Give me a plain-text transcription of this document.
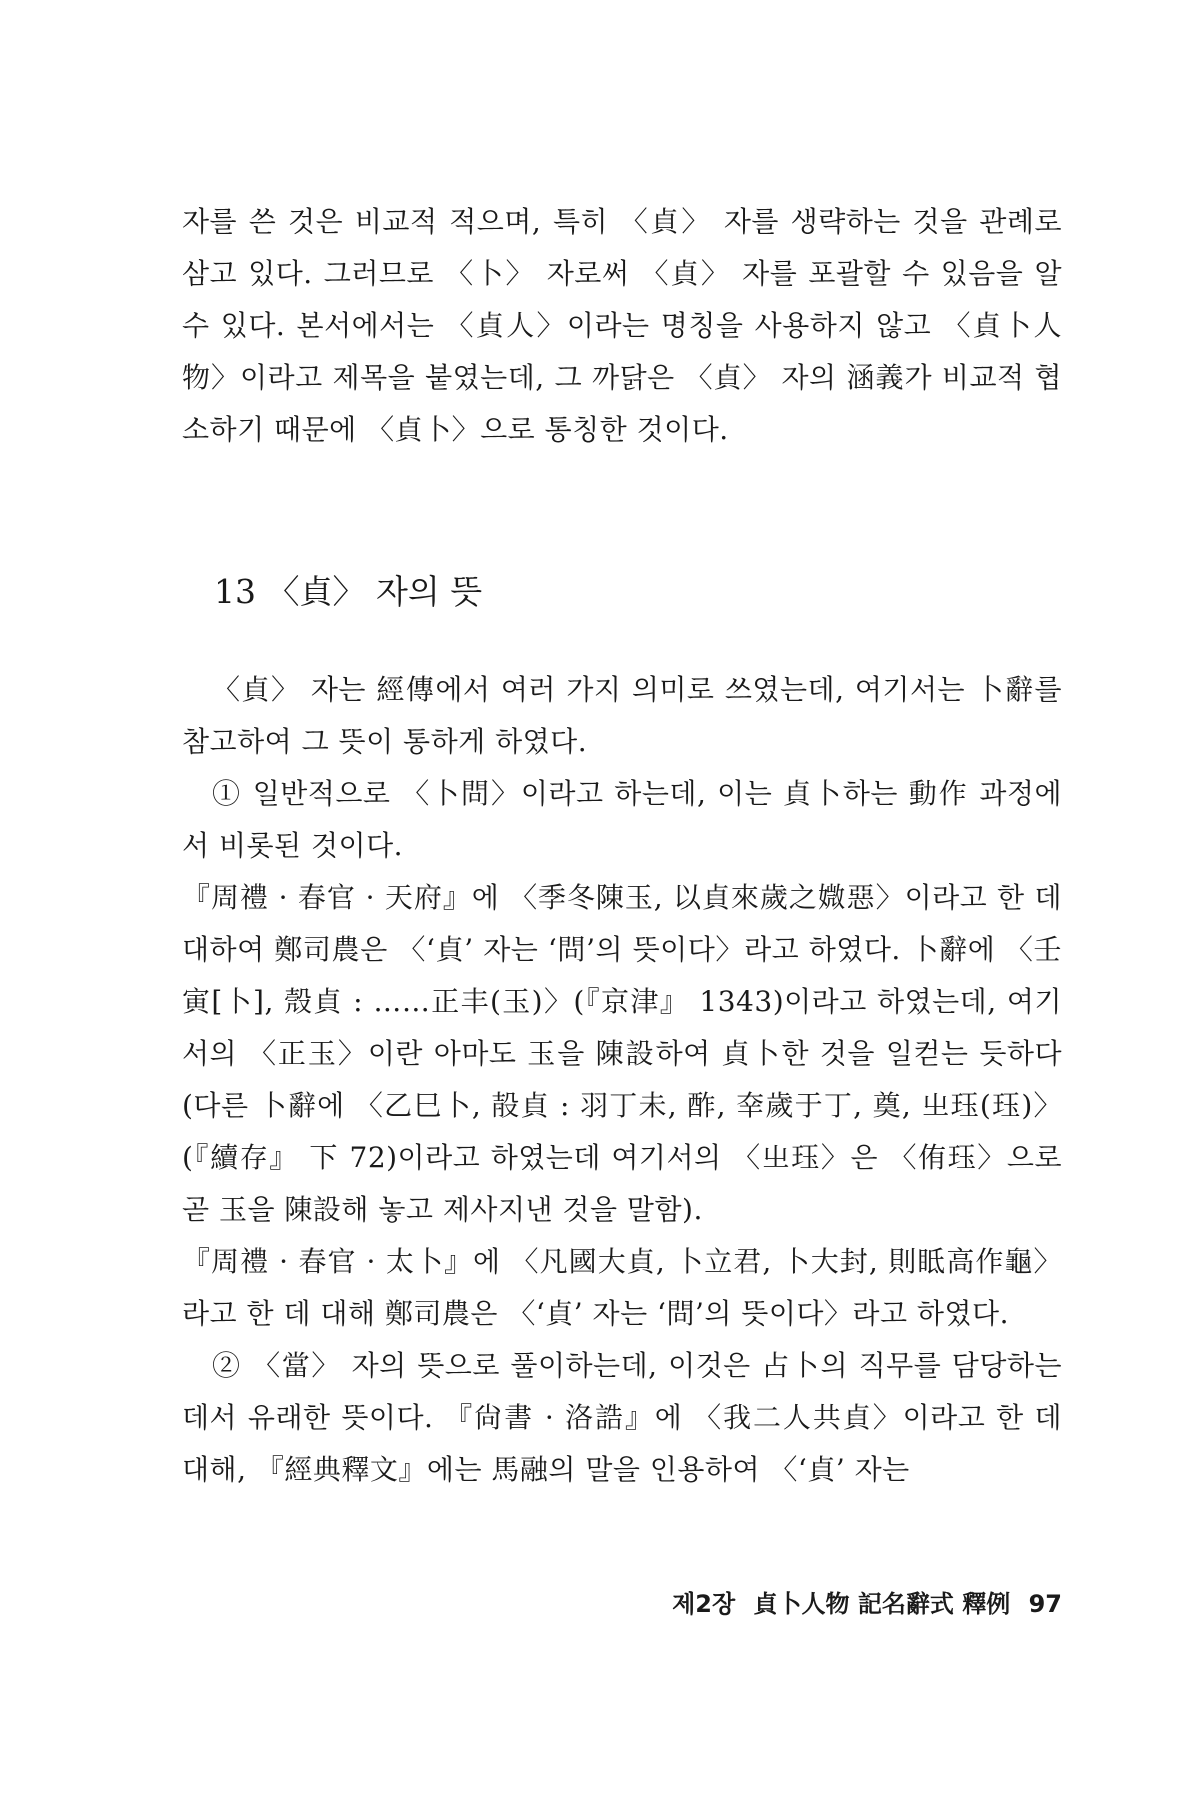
자를 쓴 것은 비교적 적으며, 특히 〈貞〉 자를 생략하는 것을 관례로 삼고 있다. 그러므로 〈卜〉 자로써 〈貞〉 자를 포괄할 수 있음을 알 수 있다. 본서에서는 〈貞人〉이라는 명칭을 사용하지 않고 〈貞卜人物〉이라고 제목을 붙였는데, 그 까닭은 〈貞〉 자의 涵義가 비교적 협소하기 때문에 〈貞卜〉으로 통칭한 것이다.

13 〈貞〉 자의 뜻

〈貞〉 자는 經傳에서 여러 가지 의미로 쓰였는데, 여기서는 卜辭를 참고하여 그 뜻이 통하게 하였다.

① 일반적으로 〈卜問〉이라고 하는데, 이는 貞卜하는 動作 과정에서 비롯된 것이다.

『周禮 · 春官 · 天府』에 〈季冬陳玉, 以貞來歲之媺惡〉이라고 한 데 대하여 鄭司農은 〈‘貞’ 자는 ‘問’의 뜻이다〉라고 하였다. 卜辭에 〈壬寅[卜], 殼貞 : ……正丰(玉)〉(『京津』 1343)이라고 하였는데, 여기서의 〈正玉〉이란 아마도 玉을 陳設하여 貞卜한 것을 일컫는 듯하다(다른 卜辭에 〈乙巳卜, 㱿貞 : 羽丁未, 酢, 㚔歲于丁, 奠, 㞢珏(珏)〉(『續存』 下 72)이라고 하였는데 여기서의 〈㞢珏〉은 〈侑珏〉으로 곧 玉을 陳設해 놓고 제사지낸 것을 말함).

『周禮 · 春官 · 太卜』에 〈凡國大貞, 卜立君, 卜大封, 則眡高作龜〉라고 한 데 대해 鄭司農은 〈‘貞’ 자는 ‘問’의 뜻이다〉라고 하였다.

② 〈當〉 자의 뜻으로 풀이하는데, 이것은 占卜의 직무를 담당하는 데서 유래한 뜻이다. 『尙書 · 洛誥』에 〈我二人共貞〉이라고 한 데 대해, 『經典釋文』에는 馬融의 말을 인용하여 〈‘貞’ 자는

제2장 貞卜人物 記名辭式 釋例 97
